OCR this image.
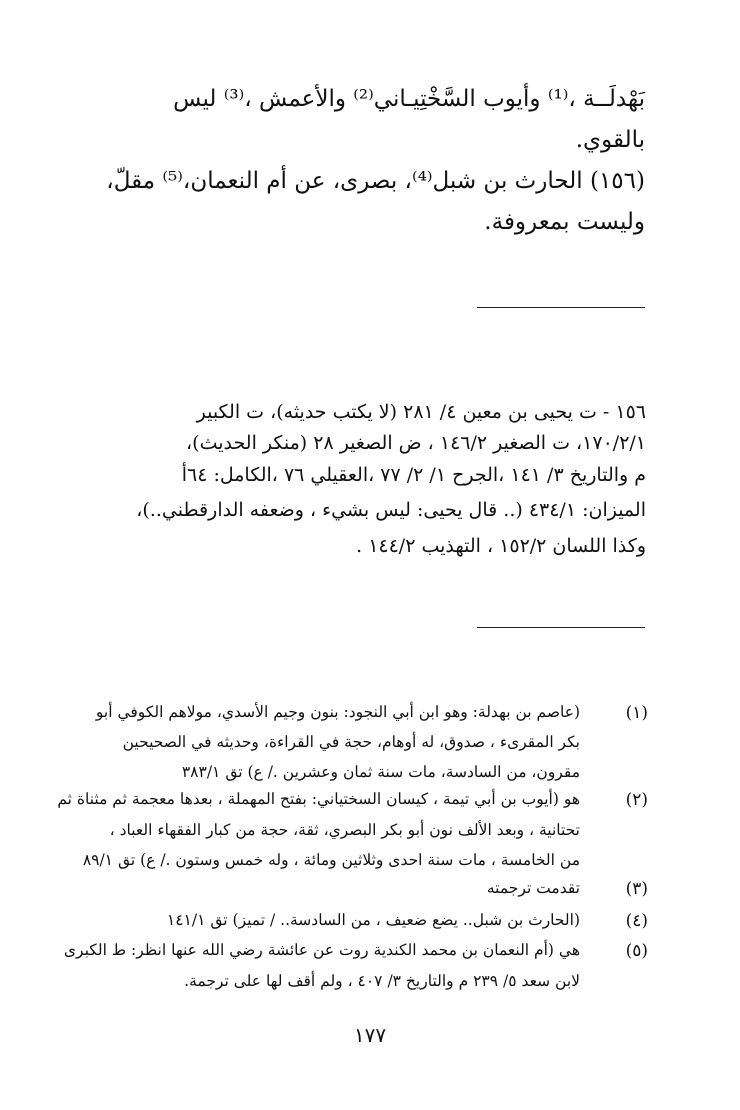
بَهْدلَــة ،⁽¹⁾ وأيوب السَّخْتِيـاني⁽²⁾ والأعمش ،⁽³⁾ ليس
بالقوي.
(١٥٦) الحارث بن شبل⁽⁴⁾، بصرى، عن أم النعمان،⁽⁵⁾ مقلّ،
وليست بمعروفة.
١٥٦ - ت يحيى بن معين ٤/ ٢٨١ (لا يكتب حديثه)، ت الكبير
١٧٠/٢/١، ت الصغير ١٤٦/٢ ، ض الصغير ٢٨ (منكر الحديث)،
م والتاريخ ٣/ ١٤١ ،الجرح ١/ ٢/ ٧٧ ،العقيلي ٧٦ ،الكامل: ٦٤أ
الميزان: ٤٣٤/١ (.. قال يحيى: ليس بشيء ، وضعفه الدارقطني..)،
وكذا اللسان ١٥٢/٢ ، التهذيب ١٤٤/٢ .
(١)
(عاصم بن بهدلة: وهو ابن أبي النجود: بنون وجيم الأسدي، مولاهم الكوفي أبو
بكر المقرىء ، صدوق، له أوهام، حجة في القراءة، وحديثه في الصحيحين
مقرون، من السادسة، مات سنة ثمان وعشرين ./ ع) تق ٣٨٣/١
(٢)
هو (أيوب بن أبي تيمة ، كيسان السختياني: بفتح المهملة ، بعدها معجمة ثم مثناة ثم
تحتانية ، وبعد الألف نون أبو بكر البصري، ثقة، حجة من كبار الفقهاء العباد ،
من الخامسة ، مات سنة احدى وثلاثين ومائة ، وله خمس وستون ./ ع) تق ٨٩/١
(٣)
تقدمت ترجمته
(٤)
(الحارث بن شبل.. يضع ضعيف ، من السادسة.. / تميز) تق ١٤١/١
(٥)
هي (أم النعمان بن محمد الكندية روت عن عائشة رضي الله عنها انظر: ط الكبرى
لابن سعد ٥/ ٢٣٩ م والتاريخ ٣/ ٤٠٧ ، ولم أقف لها على ترجمة.
١٧٧
